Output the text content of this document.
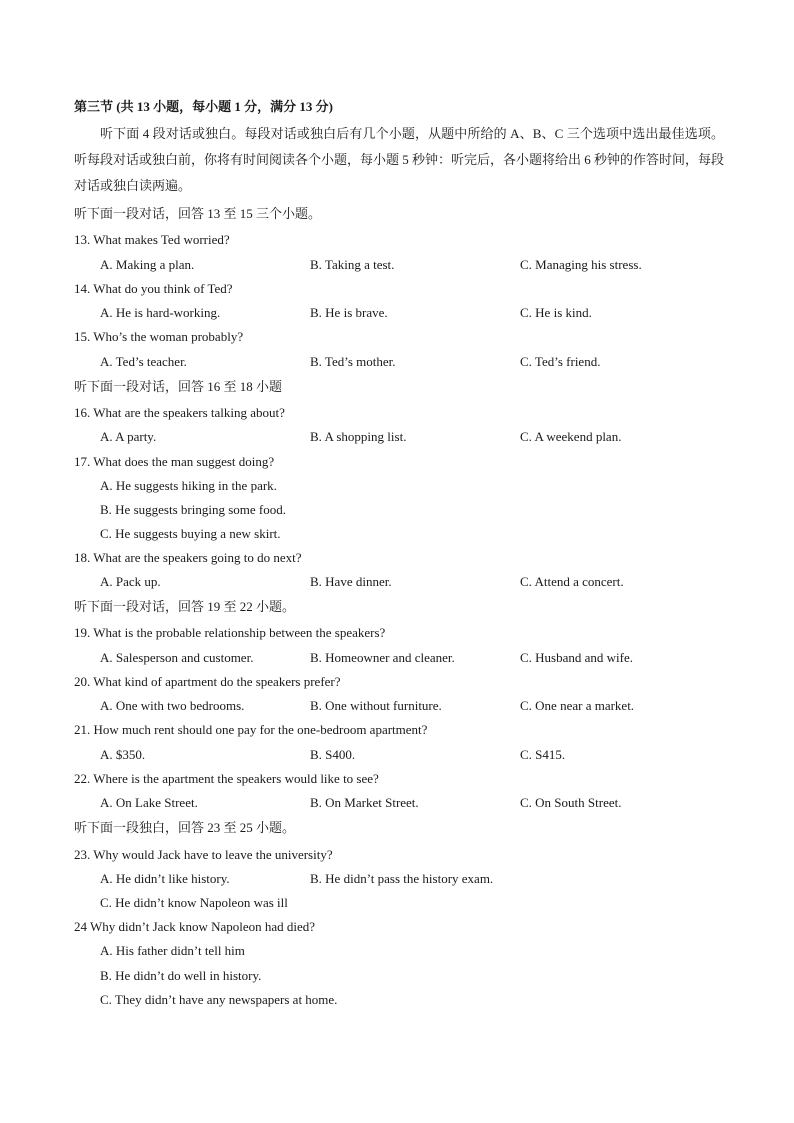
第三节 (共 13 小题，每小题 1 分，满分 13 分)
听下面 4 段对话或独白。每段对话或独白后有几个小题，从题中所给的 A、B、C 三个选项中选出最佳选项。听每段对话或独白前，你将有时间阅读各个小题，每小题 5 秒钟：听完后，各小题将给出 6 秒钟的作答时间，每段对话或独白读两遍。
听下面一段对话，回答 13 至 15 三个小题。
13. What makes Ted worried?
A. Making a plan.	B. Taking a test.	C. Managing his stress.
14. What do you think of Ted?
A. He is hard-working.	B. He is brave.	C. He is kind.
15. Who’s the woman probably?
A. Ted’s teacher.	B. Ted’s mother.	C. Ted’s friend.
听下面一段对话，回答 16 至 18 小题
16. What are the speakers talking about?
A. A party.	B. A shopping list.	C. A weekend plan.
17. What does the man suggest doing?
A. He suggests hiking in the park.
B. He suggests bringing some food.
C. He suggests buying a new skirt.
18. What are the speakers going to do next?
A. Pack up.	B. Have dinner.	C. Attend a concert.
听下面一段对话，回答 19 至 22 小题。
19. What is the probable relationship between the speakers?
A. Salesperson and customer.	B. Homeowner and cleaner.	C. Husband and wife.
20. What kind of apartment do the speakers prefer?
A. One with two bedrooms.	B. One without furniture.	C. One near a market.
21. How much rent should one pay for the one-bedroom apartment?
A. $350.	B. S400.	C. S415.
22. Where is the apartment the speakers would like to see?
A. On Lake Street.	B. On Market Street.	C. On South Street.
听下面一段独白，回答 23 至 25 小题。
23. Why would Jack have to leave the university?
A. He didn’t like history.	B. He didn’t pass the history exam.
C. He didn’t know Napoleon was ill
24 Why didn’t Jack know Napoleon had died?
A. His father didn’t tell him
B. He didn’t do well in history.
C. They didn’t have any newspapers at home.
